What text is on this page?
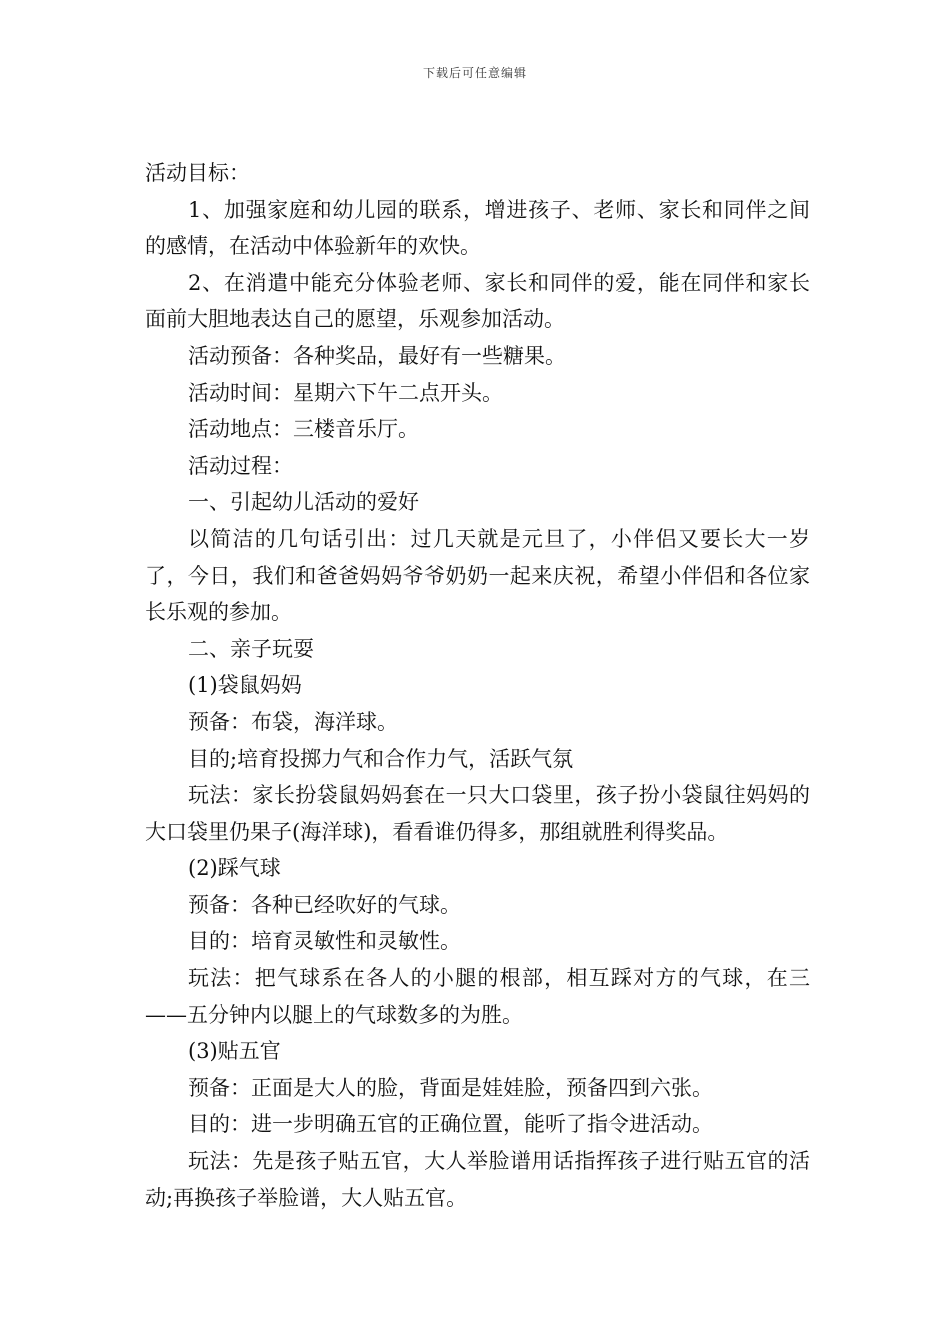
下载后可任意编辑

活动目标：

1、加强家庭和幼儿园的联系，增进孩子、老师、家长和同伴之间的感情，在活动中体验新年的欢快。

2、在消遣中能充分体验老师、家长和同伴的爱，能在同伴和家长面前大胆地表达自己的愿望，乐观参加活动。

活动预备：各种奖品，最好有一些糖果。

活动时间：星期六下午二点开头。

活动地点：三楼音乐厅。

活动过程：

一、引起幼儿活动的爱好

以简洁的几句话引出：过几天就是元旦了，小伴侣又要长大一岁了，今日，我们和爸爸妈妈爷爷奶奶一起来庆祝，希望小伴侣和各位家长乐观的参加。

二、亲子玩耍

(1)袋鼠妈妈

预备：布袋，海洋球。

目的;培育投掷力气和合作力气，活跃气氛

玩法：家长扮袋鼠妈妈套在一只大口袋里，孩子扮小袋鼠往妈妈的大口袋里仍果子(海洋球)，看看谁仍得多，那组就胜利得奖品。

(2)踩气球

预备：各种已经吹好的气球。

目的：培育灵敏性和灵敏性。

玩法：把气球系在各人的小腿的根部，相互踩对方的气球，在三——五分钟内以腿上的气球数多的为胜。

(3)贴五官

预备：正面是大人的脸，背面是娃娃脸，预备四到六张。

目的：进一步明确五官的正确位置，能听了指令进活动。

玩法：先是孩子贴五官，大人举脸谱用话指挥孩子进行贴五官的活动;再换孩子举脸谱，大人贴五官。
